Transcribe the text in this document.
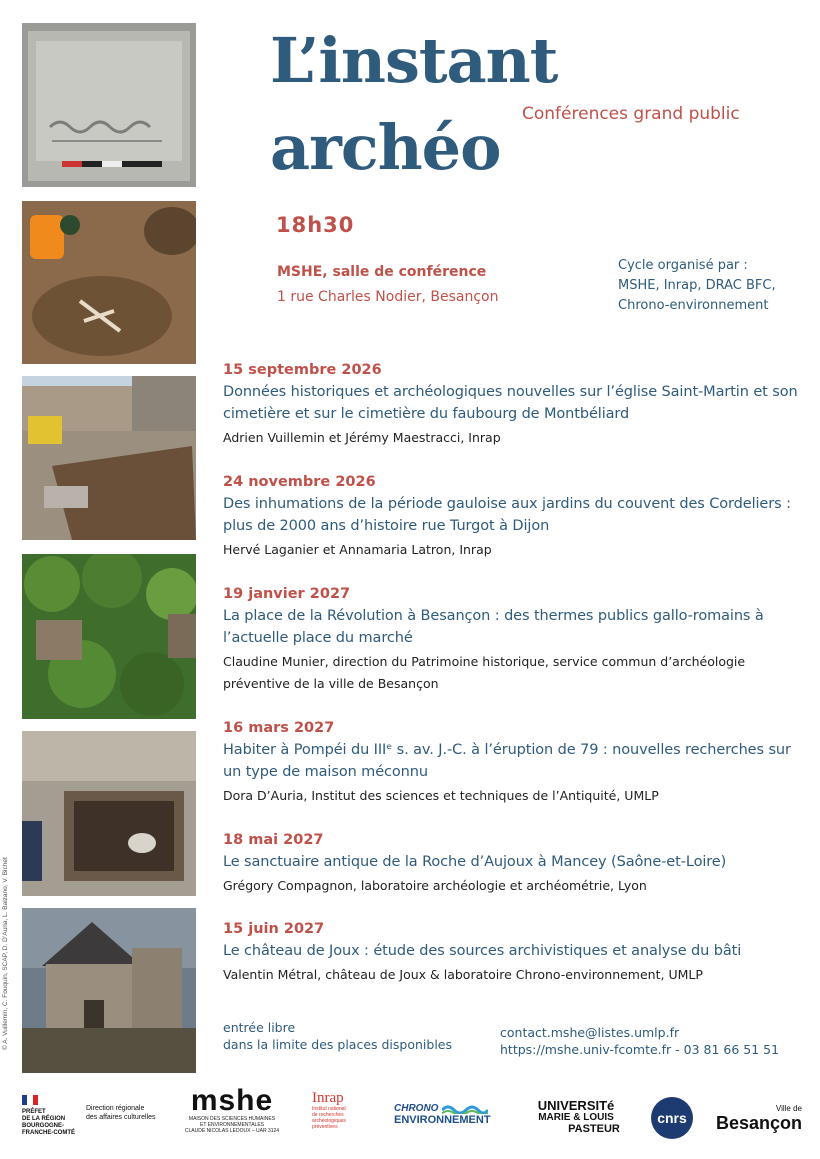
© A. Vuillemin, C. Fouquin, SCAP, D. D’Auria, L. Balzano, V. Bichet
L’instant
archéo Conférences grand public
18h30
MSHE, salle de conférence
1 rue Charles Nodier, Besançon
Cycle organisé par :
MSHE, Inrap, DRAC BFC,
Chrono-environnement
15 septembre 2026
Données historiques et archéologiques nouvelles sur l’église Saint-Martin et son cimetière et sur le cimetière du faubourg de Montbéliard
Adrien Vuillemin et Jérémy Maestracci, Inrap
24 novembre 2026
Des inhumations de la période gauloise aux jardins du couvent des Cordeliers : plus de 2000 ans d’histoire rue Turgot à Dijon
Hervé Laganier et Annamaria Latron, Inrap
19 janvier 2027
La place de la Révolution à Besançon : des thermes publics gallo-romains à l’actuelle place du marché
Claudine Munier, direction du Patrimoine historique, service commun d’archéologie préventive de la ville de Besançon
16 mars 2027
Habiter à Pompéi du IIIᵉ s. av. J.-C. à l’éruption de 79 : nouvelles recherches sur un type de maison méconnu
Dora D’Auria, Institut des sciences et techniques de l’Antiquité, UMLP
18 mai 2027
Le sanctuaire antique de la Roche d’Aujoux à Mancey (Saône-et-Loire)
Grégory Compagnon, laboratoire archéologie et archéométrie, Lyon
15 juin 2027
Le château de Joux : étude des sources archivistiques et analyse du bâti
Valentin Métral, château de Joux & laboratoire Chrono-environnement, UMLP
entrée libre
dans la limite des places disponibles
contact.mshe@listes.umlp.fr
https://mshe.univ-fcomte.fr - 03 81 66 51 51
PRÉFET
DE LA RÉGION
BOURGOGNE-
FRANCHE-COMTÉ
Direction régionale
des affaires culturelles
mshe
MAISON DES SCIENCES HUMAINES
ET ENVIRONNEMENTALES
CLAUDE NICOLAS LEDOUX – UAR 3124
Inrap
Institut national
de recherches
archéologiques
préventives
CHRONO
ENVIRONNEMENT
UNIVERSITé
MARIE & LOUIS
PASTEUR
cnrs
Ville de
Besançon
